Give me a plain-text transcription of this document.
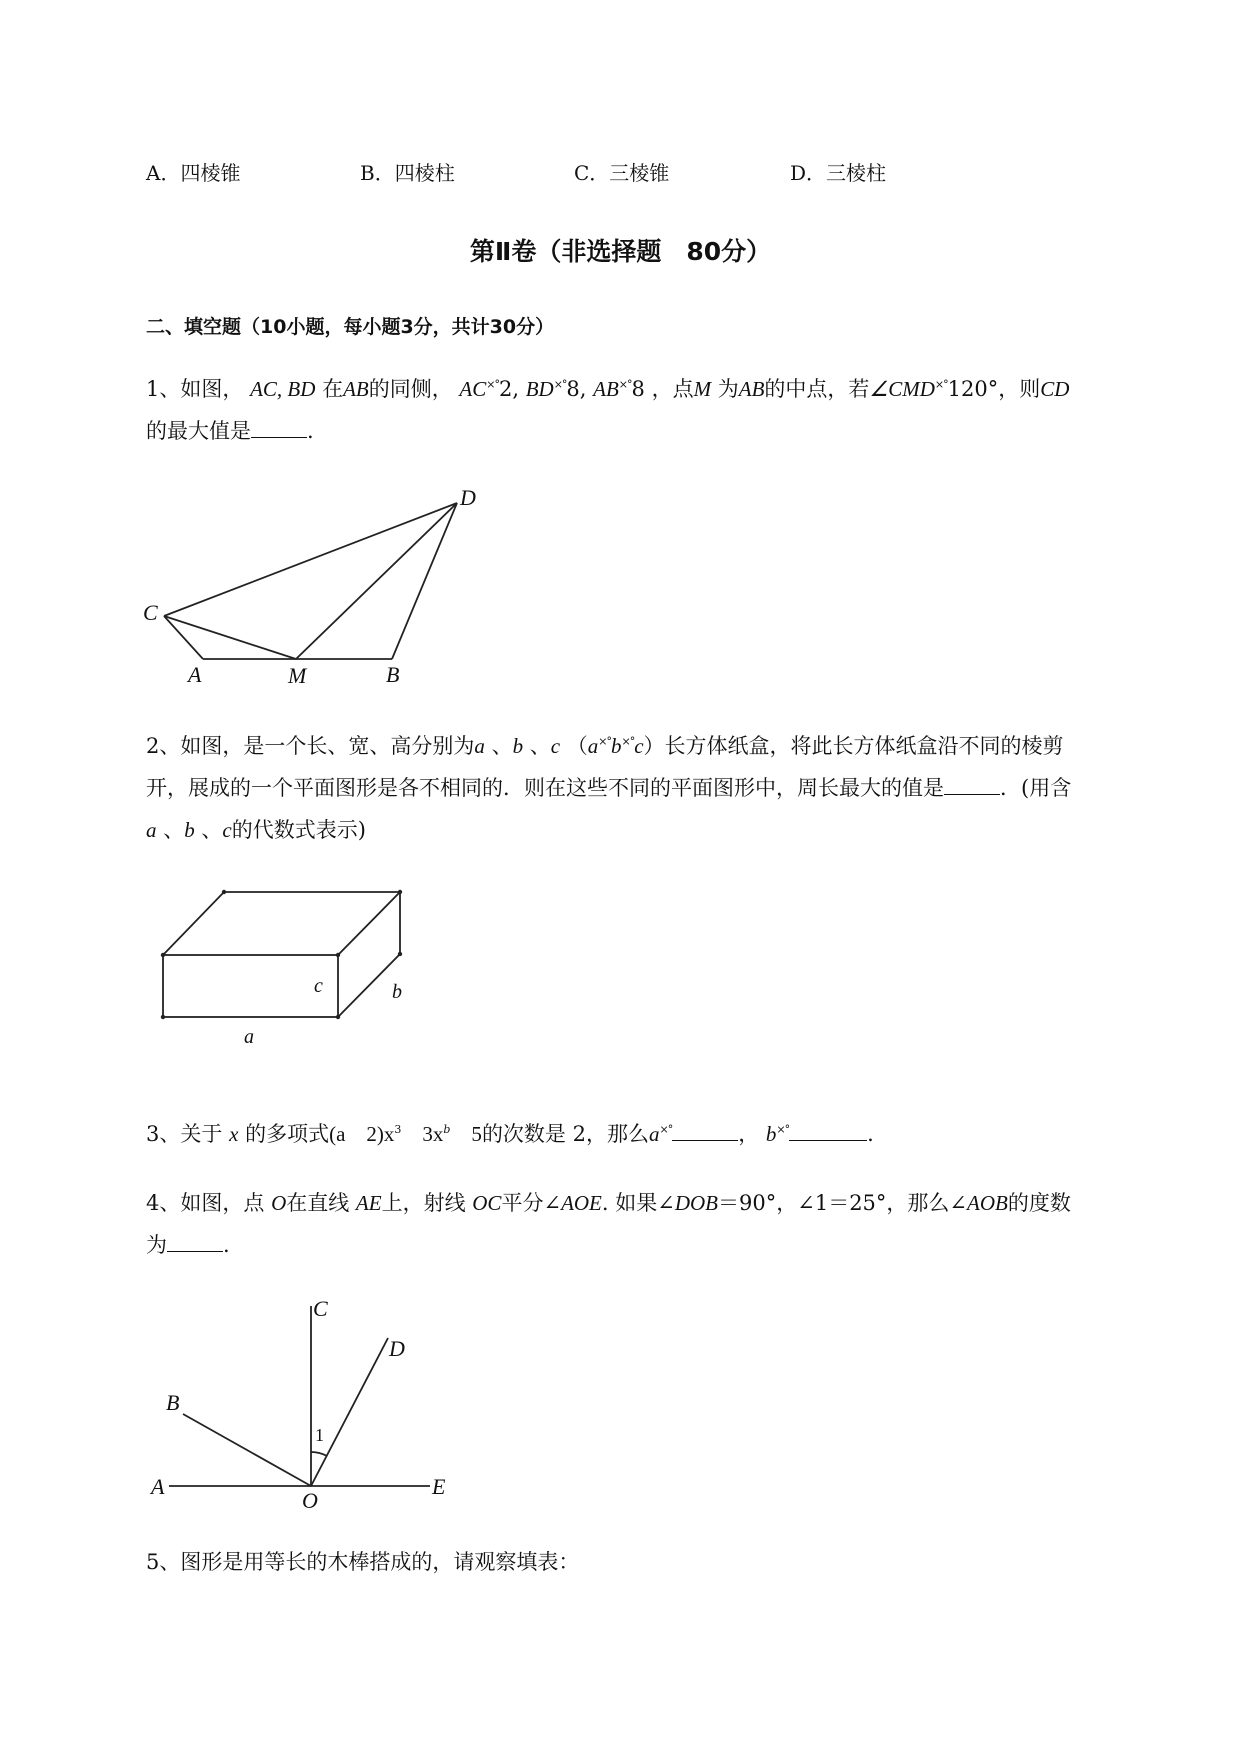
A．四棱锥	B．四棱柱	C．三棱锥	D．三棱柱
第Ⅱ卷（非选择题　80分）
二、填空题（10小题，每小题3分，共计30分）
1、如图， AC, BD 在AB的同侧， AC×°2, BD×°8, AB×°8 ，点M 为AB的中点，若∠CMD×°120°，则CD
的最大值是	.
C
D
A	M	B
2、如图，是一个长、宽、高分别为a 、b 、c （a×°b×°c）长方体纸盒，将此长方体纸盒沿不同的棱剪
开，展成的一个平面图形是各不相同的．则在这些不同的平面图形中，周长最大的值是	．(用含
a 、b 、c的代数式表示)
c	b
a
3、关于 x 的多项式(a　$2)x^3$　$3x^b$　5的次数是 2，那么a×°	， b×°	.
4、如图，点 O在直线 AE上，射线 OC平分∠AOE. 如果∠DOB＝90°，∠1＝25°，那么∠AOB的度数
为	.
C
D
B
A
O
E
1
5、图形是用等长的木棒搭成的，请观察填表：
